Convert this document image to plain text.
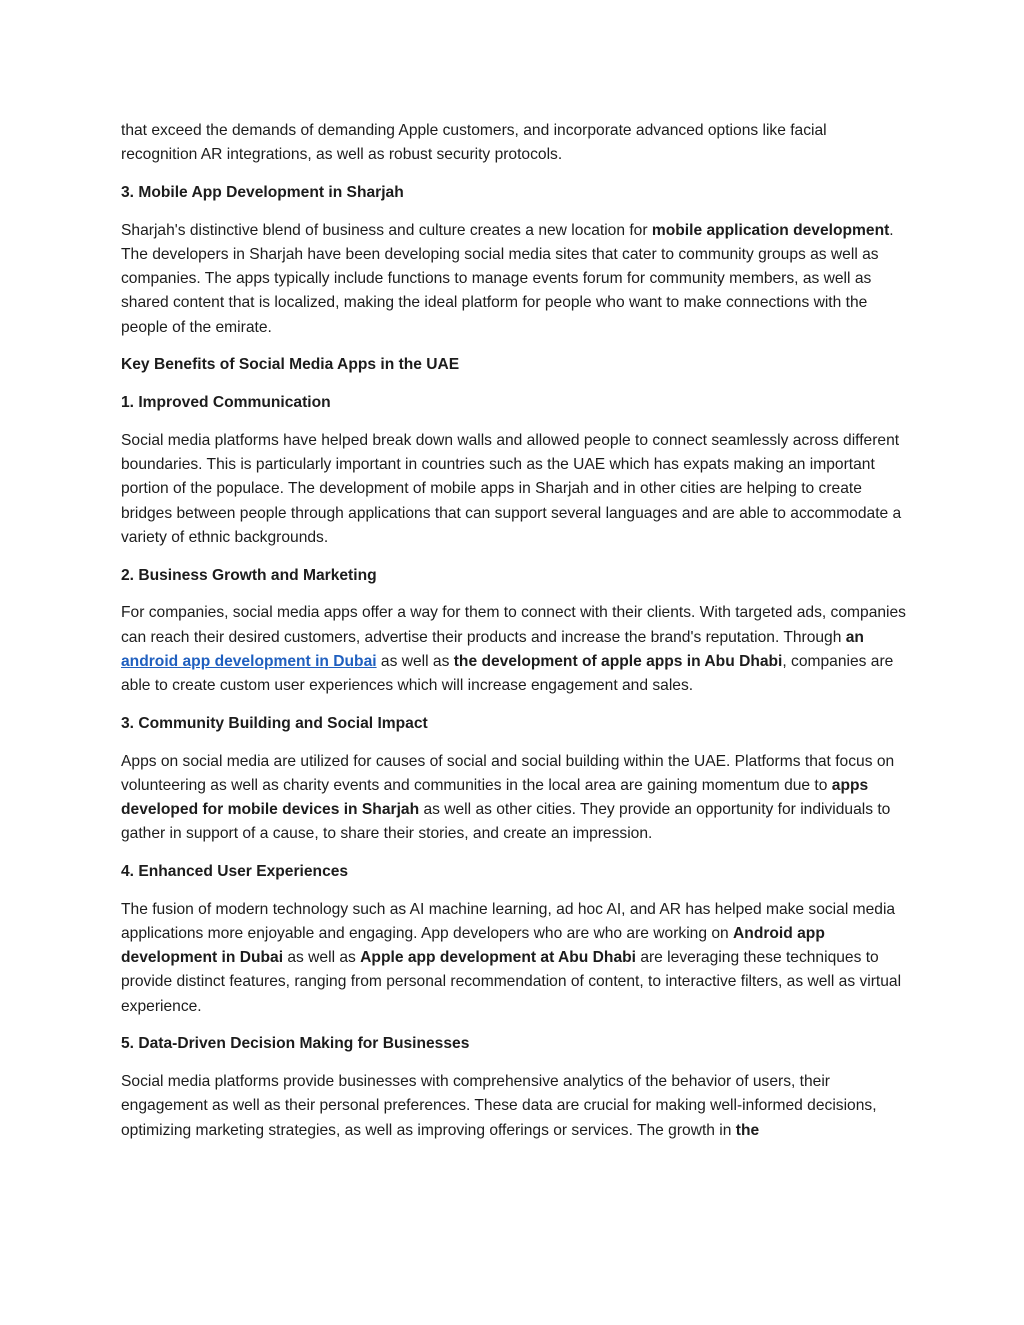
that exceed the demands of demanding Apple customers, and incorporate advanced options like facial recognition AR integrations, as well as robust security protocols.

3. Mobile App Development in Sharjah

Sharjah's distinctive blend of business and culture creates a new location for mobile application development. The developers in Sharjah have been developing social media sites that cater to community groups as well as companies. The apps typically include functions to manage events forum for community members, as well as shared content that is localized, making the ideal platform for people who want to make connections with the people of the emirate.

Key Benefits of Social Media Apps in the UAE

1. Improved Communication

Social media platforms have helped break down walls and allowed people to connect seamlessly across different boundaries. This is particularly important in countries such as the UAE which has expats making an important portion of the populace. The development of mobile apps in Sharjah and in other cities are helping to create bridges between people through applications that can support several languages and are able to accommodate a variety of ethnic backgrounds.

2. Business Growth and Marketing

For companies, social media apps offer a way for them to connect with their clients. With targeted ads, companies can reach their desired customers, advertise their products and increase the brand's reputation. Through an android app development in Dubai as well as the development of apple apps in Abu Dhabi, companies are able to create custom user experiences which will increase engagement and sales.

3. Community Building and Social Impact

Apps on social media are utilized for causes of social and social building within the UAE. Platforms that focus on volunteering as well as charity events and communities in the local area are gaining momentum due to apps developed for mobile devices in Sharjah as well as other cities. They provide an opportunity for individuals to gather in support of a cause, to share their stories, and create an impression.

4. Enhanced User Experiences

The fusion of modern technology such as AI machine learning, ad hoc AI, and AR has helped make social media applications more enjoyable and engaging. App developers who are who are working on Android app development in Dubai as well as Apple app development at Abu Dhabi are leveraging these techniques to provide distinct features, ranging from personal recommendation of content, to interactive filters, as well as virtual experience.

5. Data-Driven Decision Making for Businesses

Social media platforms provide businesses with comprehensive analytics of the behavior of users, their engagement as well as their personal preferences. These data are crucial for making well-informed decisions, optimizing marketing strategies, as well as improving offerings or services. The growth in the
